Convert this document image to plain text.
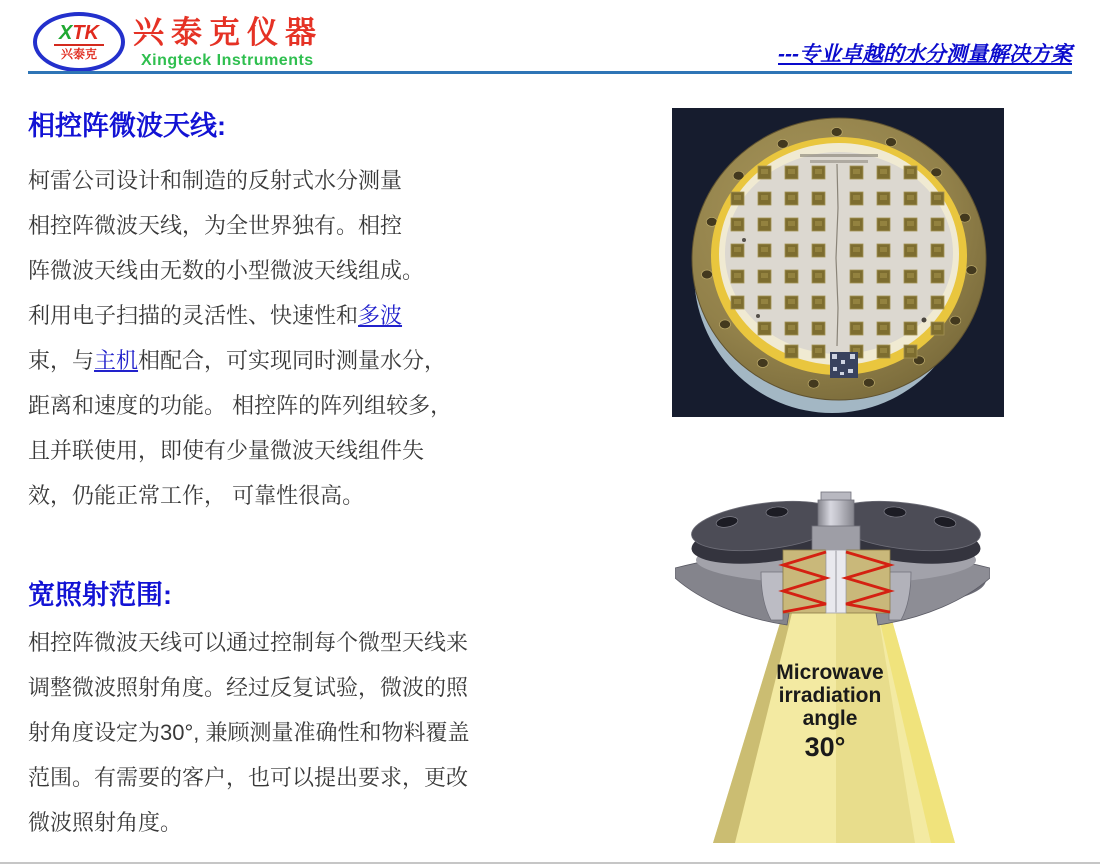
XTK
兴泰克
兴泰克仪器
Xingteck Instruments	---专业卓越的水分测量解决方案
相控阵微波天线:
柯雷公司设计和制造的反射式水分测量
相控阵微波天线，为全世界独有。相控
阵微波天线由无数的小型微波天线组成。
利用电子扫描的灵活性、快速性和多波
束，与主机相配合，可实现同时测量水分，
距离和速度的功能。 相控阵的阵列组较多，
且并联使用，即使有少量微波天线组件失
效，仍能正常工作， 可靠性很高。
宽照射范围:
相控阵微波天线可以通过控制每个微型天线来
调整微波照射角度。经过反复试验，微波的照
射角度设定为30°, 兼顾测量准确性和物料覆盖
范围。有需要的客户，也可以提出要求，更改
微波照射角度。
Microwave
irradiation
angle
30°
